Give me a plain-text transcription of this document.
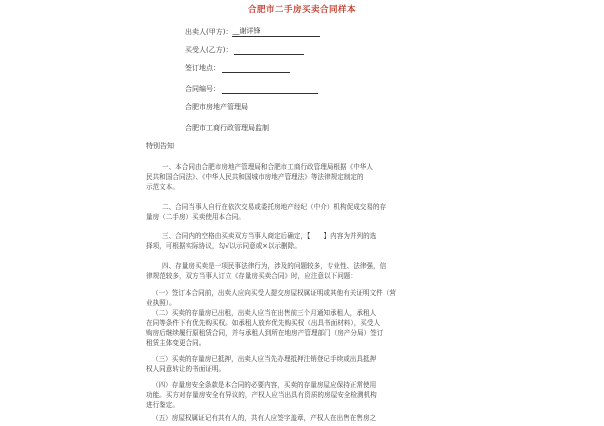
合肥市二手房买卖合同样本
出卖人(甲方)： __谢详锋
买受人(乙方)：
签订地点：
合同编号：
合肥市房地产管理局
合肥市工商行政管理局监制
特别告知
一、本合同由合肥市房地产管理局和合肥市工商行政管理局根据《中华人
民共和国合同法》、《中华人民共和国城市房地产管理法》等法律规定制定的
示范文本。
二、合同当事人自行在依次交易或委托房地产经纪（中介）机构促成交易的存
量房（二手房）买卖使用本合同。
三、合同内的空格由买卖双方当事人商定后确定，【　　】内容为并列的选
择项，可根据实际协议，勾√以示同意或×以示删除。
四、存量房买卖是一项民事法律行为，涉及的问题较多，专业性、法律强，信
律规范较多，双方当事人订立《存量房买卖合同》时，应注意以下问题：
（一）签订本合同前，出卖人应向买受人提交房屋权属证明或其他有关证明文件（营
业执照）。
（二）买卖的存量房已出租，出卖人应当在出售前三个月通知承租人，承租人
在同等条件下有优先购买权。如承租人放弃优先购买权（出具书面材料），买受人
购房后继续履行原租赁合同，并与承租人到所在地房产管理部门（房产分局）签订
租赁主体变更合同。
（三）买卖的存量房已抵押，出卖人应当先办理抵押注销登记手续或出具抵押
权人同意转让的书面证明。
（四）存量房安全条款是本合同的必要内容，买卖的存量房屋应保持正常使用
功能。买方对存量房安全有异议的，产权人应当出具有资质的房屋安全检测机构
进行鉴定。
（五）房屋权属证记有共有人的，共有人应签字盖章，产权人在出售在售房之
